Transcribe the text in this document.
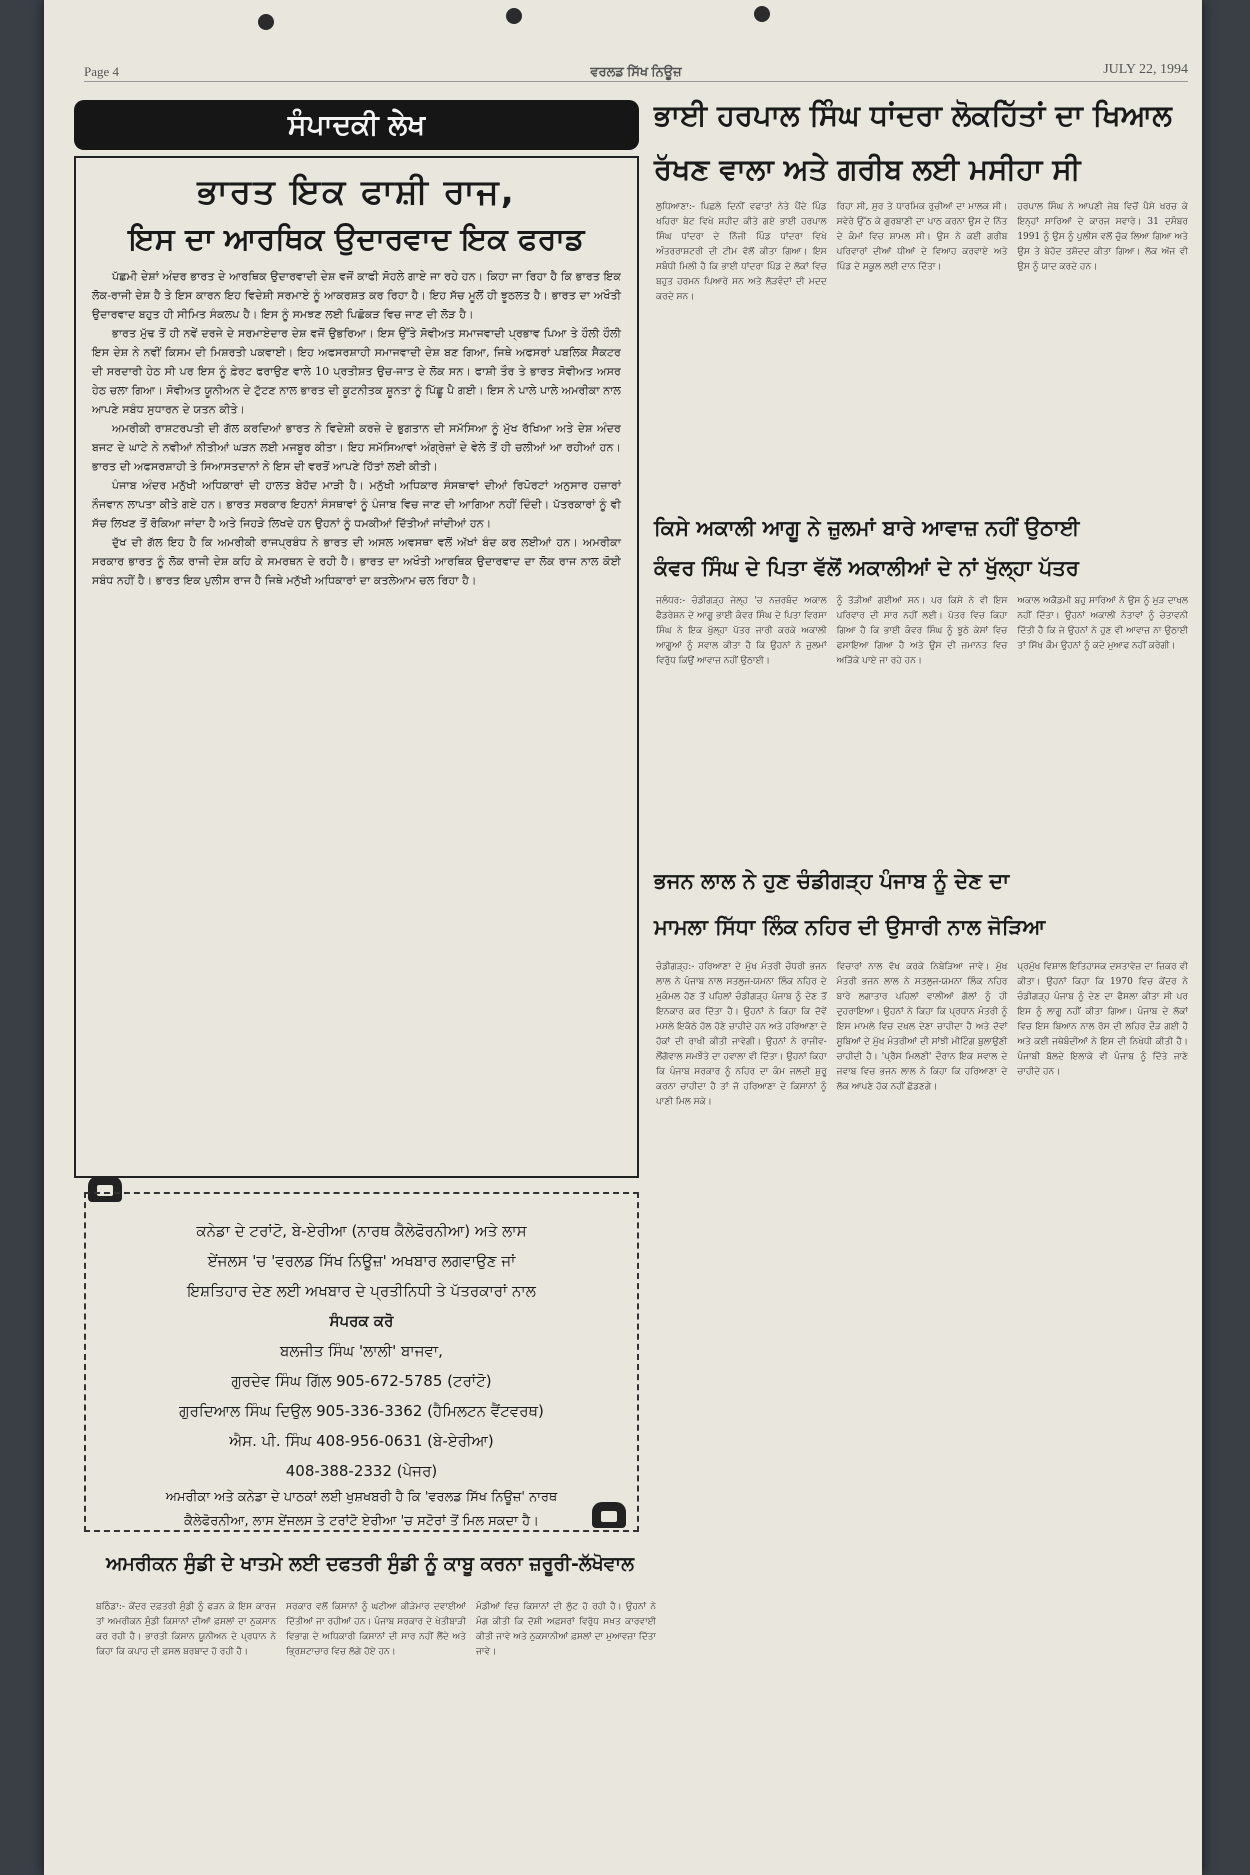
Page 4	ਵਰਲਡ ਸਿੱਖ ਨਿਊਜ਼	JULY 22, 1994
ਸੰਪਾਦਕੀ ਲੇਖ
ਭਾਰਤ ਇਕ ਫਾਸ਼ੀ ਰਾਜ,
ਇਸ ਦਾ ਆਰਥਿਕ ਉਦਾਰਵਾਦ ਇਕ ਫਰਾਡ

ਪੱਛਮੀ ਦੇਸ਼ਾਂ ਅੰਦਰ ਭਾਰਤ ਦੇ ਆਰਥਿਕ ਉਦਾਰਵਾਦੀ ਦੇਸ਼ ਵਜੋਂ ਕਾਫੀ ਸੋਹਲੇ ਗਾਏ ਜਾ ਰਹੇ ਹਨ। ਕਿਹਾ ਜਾ ਰਿਹਾ ਹੈ ਕਿ ਭਾਰਤ ਇਕ ਲੋਕ-ਰਾਜੀ ਦੇਸ਼ ਹੈ ਤੇ ਇਸ ਕਾਰਨ ਇਹ ਵਿਦੇਸ਼ੀ ਸਰਮਾਏ ਨੂੰ ਆਕਰਸ਼ਤ ਕਰ ਰਿਹਾ ਹੈ। ਇਹ ਸੱਚ ਮੂਲੋਂ ਹੀ ਝੂਠਲਤ ਹੈ। ਭਾਰਤ ਦਾ ਅਖੌਤੀ ਉਦਾਰਵਾਦ ਬਹੁਤ ਹੀ ਸੀਮਿਤ ਸੰਕਲਪ ਹੈ। ਇਸ ਨੂੰ ਸਮਝਣ ਲਈ ਪਿਛੋਕੜ ਵਿਚ ਜਾਣ ਦੀ ਲੋੜ ਹੈ।

ਭਾਰਤ ਮੁੱਢ ਤੋਂ ਹੀ ਨਵੇਂ ਦਰਜੇ ਦੇ ਸਰਮਾਏਦਾਰ ਦੇਸ਼ ਵਜੋਂ ਉਭਰਿਆ। ਇਸ ਉੱਤੇ ਸੋਵੀਅਤ ਸਮਾਜਵਾਦੀ ਪ੍ਰਭਾਵ ਪਿਆ ਤੇ ਹੌਲੀ ਹੌਲੀ ਇਸ ਦੇਸ਼ ਨੇ ਨਵੀਂ ਕਿਸਮ ਦੀ ਮਿਸ਼ਰਤੀ ਪਕਵਾਈ। ਇਹ ਅਫਸਰਸ਼ਾਹੀ ਸਮਾਜਵਾਦੀ ਦੇਸ਼ ਬਣ ਗਿਆ, ਜਿਥੇ ਅਫਸਰਾਂ ਪਬਲਿਕ ਸੈਕਟਰ ਦੀ ਸਰਦਾਰੀ ਹੇਠ ਸੀ ਪਰ ਇਸ ਨੂੰ ਫ਼ੇਰਟ ਫਰਾਉਣ ਵਾਲੇ 10 ਪ੍ਰਤੀਸ਼ਤ ਉਚ-ਜਾਤ ਦੇ ਲੋਕ ਸਨ। ਫਾਸ਼ੀ ਤੌਰ ਤੇ ਭਾਰਤ ਸੋਵੀਅਤ ਅਸਰ ਹੇਠ ਚਲਾ ਗਿਆ। ਸੋਵੀਅਤ ਯੂਨੀਅਨ ਦੇ ਟੁੱਟਣ ਨਾਲ ਭਾਰਤ ਦੀ ਕੂਟਨੀਤਕ ਸ਼ੂਨਤਾ ਨੂੰ ਪਿੱਛੂ ਪੈ ਗਈ। ਇਸ ਨੇ ਪਾਲੇ ਪਾਲੇ ਅਮਰੀਕਾ ਨਾਲ ਆਪਣੇ ਸਬੰਧ ਸੁਧਾਰਨ ਦੇ ਯਤਨ ਕੀਤੇ।

ਅਮਰੀਕੀ ਰਾਸ਼ਟਰਪਤੀ ਦੀ ਗੱਲ ਕਰਦਿਆਂ ਭਾਰਤ ਨੇ ਵਿਦੇਸ਼ੀ ਕਰਜ਼ੇ ਦੇ ਭੁਗਤਾਨ ਦੀ ਸਮੱਸਿਆ ਨੂੰ ਮੁੱਖ ਰੱਖਿਆ ਅਤੇ ਦੇਸ਼ ਅੰਦਰ ਬਜਟ ਦੇ ਘਾਟੇ ਨੇ ਨਵੀਆਂ ਨੀਤੀਆਂ ਘੜਨ ਲਈ ਮਜਬੂਰ ਕੀਤਾ। ਇਹ ਸਮੱਸਿਆਵਾਂ ਅੰਗ੍ਰੇਜ਼ਾਂ ਦੇ ਵੇਲੇ ਤੋਂ ਹੀ ਚਲੀਆਂ ਆ ਰਹੀਆਂ ਹਨ। ਭਾਰਤ ਦੀ ਅਫਸਰਸ਼ਾਹੀ ਤੇ ਸਿਆਸਤਦਾਨਾਂ ਨੇ ਇਸ ਦੀ ਵਰਤੋਂ ਆਪਣੇ ਹਿੱਤਾਂ ਲਈ ਕੀਤੀ।

ਪੰਜਾਬ ਅੰਦਰ ਮਨੁੱਖੀ ਅਧਿਕਾਰਾਂ ਦੀ ਹਾਲਤ ਬੇਹੱਦ ਮਾੜੀ ਹੈ। ਮਨੁੱਖੀ ਅਧਿਕਾਰ ਸੰਸਥਾਵਾਂ ਦੀਆਂ ਰਿਪੋਰਟਾਂ ਅਨੁਸਾਰ ਹਜ਼ਾਰਾਂ ਨੌਜਵਾਨ ਲਾਪਤਾ ਕੀਤੇ ਗਏ ਹਨ। ਭਾਰਤ ਸਰਕਾਰ ਇਹਨਾਂ ਸੰਸਥਾਵਾਂ ਨੂੰ ਪੰਜਾਬ ਵਿਚ ਜਾਣ ਦੀ ਆਗਿਆ ਨਹੀਂ ਦਿੰਦੀ। ਪੱਤਰਕਾਰਾਂ ਨੂੰ ਵੀ ਸੱਚ ਲਿਖਣ ਤੋਂ ਰੋਕਿਆ ਜਾਂਦਾ ਹੈ ਅਤੇ ਜਿਹੜੇ ਲਿਖਦੇ ਹਨ ਉਹਨਾਂ ਨੂੰ ਧਮਕੀਆਂ ਦਿੱਤੀਆਂ ਜਾਂਦੀਆਂ ਹਨ।

ਦੁੱਖ ਦੀ ਗੱਲ ਇਹ ਹੈ ਕਿ ਅਮਰੀਕੀ ਰਾਜਪ੍ਰਬੰਧ ਨੇ ਭਾਰਤ ਦੀ ਅਸਲ ਅਵਸਥਾ ਵਲੋਂ ਅੱਖਾਂ ਬੰਦ ਕਰ ਲਈਆਂ ਹਨ। ਅਮਰੀਕਾ ਸਰਕਾਰ ਭਾਰਤ ਨੂੰ ਲੋਕ ਰਾਜੀ ਦੇਸ਼ ਕਹਿ ਕੇ ਸਮਰਥਨ ਦੇ ਰਹੀ ਹੈ। ਭਾਰਤ ਦਾ ਅਖੌਤੀ ਆਰਥਿਕ ਉਦਾਰਵਾਦ ਦਾ ਲੋਕ ਰਾਜ ਨਾਲ ਕੋਈ ਸਬੰਧ ਨਹੀਂ ਹੈ। ਭਾਰਤ ਇਕ ਪੁਲੀਸ ਰਾਜ ਹੈ ਜਿਥੇ ਮਨੁੱਖੀ ਅਧਿਕਾਰਾਂ ਦਾ ਕਤਲੇਆਮ ਚਲ ਰਿਹਾ ਹੈ।

ਕਨੇਡਾ ਦੇ ਟਰਾਂਟੋ, ਬੇ-ਏਰੀਆ (ਨਾਰਥ ਕੈਲੇਫੋਰਨੀਆ) ਅਤੇ ਲਾਸ
ਏਂਜਲਸ 'ਚ 'ਵਰਲਡ ਸਿੱਖ ਨਿਊਜ਼' ਅਖਬਾਰ ਲਗਵਾਉਣ ਜਾਂ
ਇਸ਼ਤਿਹਾਰ ਦੇਣ ਲਈ ਅਖਬਾਰ ਦੇ ਪ੍ਰਤੀਨਿਧੀ ਤੇ ਪੱਤਰਕਾਰਾਂ ਨਾਲ
ਸੰਪਰਕ ਕਰੋ
ਬਲਜੀਤ ਸਿੰਘ 'ਲਾਲੀ' ਬਾਜਵਾ,
ਗੁਰਦੇਵ ਸਿੰਘ ਗਿੱਲ 905-672-5785 (ਟਰਾਂਟੋ)
ਗੁਰਦਿਆਲ ਸਿੰਘ ਦਿਉਲ 905-336-3362 (ਹੈਮਿਲਟਨ ਵੈਂਟਵਰਥ)
ਐਸ. ਪੀ. ਸਿੰਘ 408-956-0631 (ਬੇ-ਏਰੀਆ)
408-388-2332 (ਪੇਜਰ)
ਅਮਰੀਕਾ ਅਤੇ ਕਨੇਡਾ ਦੇ ਪਾਠਕਾਂ ਲਈ ਖੁਸ਼ਖਬਰੀ ਹੈ ਕਿ 'ਵਰਲਡ ਸਿੱਖ ਨਿਊਜ਼' ਨਾਰਥ
ਕੈਲੇਫੋਰਨੀਆ, ਲਾਸ ਏਂਜਲਸ ਤੇ ਟਰਾਂਟੋ ਏਰੀਆ 'ਚ ਸਟੋਰਾਂ ਤੋਂ ਮਿਲ ਸਕਦਾ ਹੈ।
ਭਾਈ ਹਰਪਾਲ ਸਿੰਘ ਧਾਂਦਰਾ ਲੋਕਹਿੱਤਾਂ ਦਾ ਖਿਆਲ
ਰੱਖਣ ਵਾਲਾ ਅਤੇ ਗਰੀਬ ਲਈ ਮਸੀਹਾ ਸੀ
ਲੁਧਿਆਣਾ:- ਪਿਛਲੇ ਦਿਨੀਂ ਵਫਾਤਾਂ ਨੇਤੇ ਪੈਂਦੇ ਪਿੰਡ ਖਹਿਰਾ ਬੇਟ ਵਿਖੇ ਸ਼ਹੀਦ ਕੀਤੇ ਗਏ ਭਾਈ ਹਰਪਾਲ ਸਿੰਘ ਧਾਂਦਰਾ ਦੇ ਨਿੱਜੀ ਪਿੰਡ ਧਾਂਦਰਾ ਵਿਖੇ ਅੰਤਰਰਾਸ਼ਟਰੀ ਦੀ ਟੀਮ ਵੱਲੋਂ ਕੀਤਾ ਗਿਆ। ਇਸ ਸਬੰਧੀ ਮਿਲੀ ਹੈ ਕਿ ਭਾਈ ਧਾਂਦਰਾ ਪਿੰਡ ਦੇ ਲੋਕਾਂ ਵਿਚ ਬਹੁਤ ਹਰਮਨ ਪਿਆਰੇ ਸਨ ਅਤੇ ਲੋੜਵੰਦਾਂ ਦੀ ਮਦਦ ਕਰਦੇ ਸਨ।
ਰਿਹਾ ਸੀ, ਸੁਰ ਤੇ ਧਾਰਮਿਕ ਰੁਚੀਆਂ ਦਾ ਮਾਲਕ ਸੀ। ਸਵੇਰੇ ਉੱਠ ਕੇ ਗੁਰਬਾਣੀ ਦਾ ਪਾਠ ਕਰਨਾ ਉਸ ਦੇ ਨਿੱਤ ਦੇ ਕੰਮਾਂ ਵਿਚ ਸ਼ਾਮਲ ਸੀ। ਉਸ ਨੇ ਕਈ ਗਰੀਬ ਪਰਿਵਾਰਾਂ ਦੀਆਂ ਧੀਆਂ ਦੇ ਵਿਆਹ ਕਰਵਾਏ ਅਤੇ ਪਿੰਡ ਦੇ ਸਕੂਲ ਲਈ ਦਾਨ ਦਿੱਤਾ।
ਹਰਪਾਲ ਸਿੰਘ ਨੇ ਆਪਣੀ ਜੇਬ ਵਿਚੋਂ ਪੈਸੇ ਖਰਚ ਕੇ ਇਨ੍ਹਾਂ ਸਾਰਿਆਂ ਦੇ ਕਾਰਜ ਸਵਾਰੇ। 31 ਦਸੰਬਰ 1991 ਨੂੰ ਉਸ ਨੂੰ ਪੁਲੀਸ ਵਲੋਂ ਚੁੱਕ ਲਿਆ ਗਿਆ ਅਤੇ ਉਸ ਤੇ ਬੇਹੱਦ ਤਸ਼ੱਦਦ ਕੀਤਾ ਗਿਆ। ਲੋਕ ਅੱਜ ਵੀ ਉਸ ਨੂੰ ਯਾਦ ਕਰਦੇ ਹਨ।
ਕਿਸੇ ਅਕਾਲੀ ਆਗੂ ਨੇ ਜ਼ੁਲਮਾਂ ਬਾਰੇ ਆਵਾਜ਼ ਨਹੀਂ ਉਠਾਈ
ਕੰਵਰ ਸਿੰਘ ਦੇ ਪਿਤਾ ਵੱਲੋਂ ਅਕਾਲੀਆਂ ਦੇ ਨਾਂ ਖੁੱਲ੍ਹਾ ਪੱਤਰ
ਜਲੰਧਰ:- ਚੰਡੀਗੜ੍ਹ ਜੇਲ੍ਹ 'ਚ ਨਜ਼ਰਬੰਦ ਅਕਾਲ ਫੈਡਰੇਸ਼ਨ ਦੇ ਆਗੂ ਭਾਈ ਕੰਵਰ ਸਿੰਘ ਦੇ ਪਿਤਾ ਵਿਰਸਾ ਸਿੰਘ ਨੇ ਇਕ ਖੁੱਲ੍ਹਾ ਪੱਤਰ ਜਾਰੀ ਕਰਕੇ ਅਕਾਲੀ ਆਗੂਆਂ ਨੂੰ ਸਵਾਲ ਕੀਤਾ ਹੈ ਕਿ ਉਹਨਾਂ ਨੇ ਜ਼ੁਲਮਾਂ ਵਿਰੁੱਧ ਕਿਉਂ ਆਵਾਜ਼ ਨਹੀਂ ਉਠਾਈ।
ਨੂੰ ਤੋੜੀਆਂ ਗਈਆਂ ਸਨ। ਪਰ ਕਿਸੇ ਨੇ ਵੀ ਇਸ ਪਰਿਵਾਰ ਦੀ ਸਾਰ ਨਹੀਂ ਲਈ। ਪੱਤਰ ਵਿਚ ਕਿਹਾ ਗਿਆ ਹੈ ਕਿ ਭਾਈ ਕੰਵਰ ਸਿੰਘ ਨੂੰ ਝੂਠੇ ਕੇਸਾਂ ਵਿਚ ਫਸਾਇਆ ਗਿਆ ਹੈ ਅਤੇ ਉਸ ਦੀ ਜ਼ਮਾਨਤ ਵਿਚ ਅੜਿੱਕੇ ਪਾਏ ਜਾ ਰਹੇ ਹਨ।
ਅਕਾਲ ਅਕੈਡਮੀ ਬਹੁ ਸਾਰਿਆਂ ਨੇ ਉਸ ਨੂੰ ਮੁੜ ਦਾਖਲ ਨਹੀਂ ਦਿੱਤਾ। ਉਹਨਾਂ ਅਕਾਲੀ ਨੇਤਾਵਾਂ ਨੂੰ ਚੇਤਾਵਨੀ ਦਿੱਤੀ ਹੈ ਕਿ ਜੇ ਉਹਨਾਂ ਨੇ ਹੁਣ ਵੀ ਆਵਾਜ਼ ਨਾ ਉਠਾਈ ਤਾਂ ਸਿੱਖ ਕੌਮ ਉਹਨਾਂ ਨੂੰ ਕਦੇ ਮੁਆਫ ਨਹੀਂ ਕਰੇਗੀ।
ਭਜਨ ਲਾਲ ਨੇ ਹੁਣ ਚੰਡੀਗੜ੍ਹ ਪੰਜਾਬ ਨੂੰ ਦੇਣ ਦਾ
ਮਾਮਲਾ ਸਿੱਧਾ ਲਿੰਕ ਨਹਿਰ ਦੀ ਉਸਾਰੀ ਨਾਲ ਜੋੜਿਆ
ਚੰਡੀਗੜ੍ਹ:- ਹਰਿਆਣਾ ਦੇ ਮੁੱਖ ਮੰਤਰੀ ਚੌਧਰੀ ਭਜਨ ਲਾਲ ਨੇ ਪੰਜਾਬ ਨਾਲ ਸਤਲੁਜ-ਯਮਨਾ ਲਿੰਕ ਨਹਿਰ ਦੇ ਮੁਕੰਮਲ ਹੋਣ ਤੋਂ ਪਹਿਲਾਂ ਚੰਡੀਗੜ੍ਹ ਪੰਜਾਬ ਨੂੰ ਦੇਣ ਤੋਂ ਇਨਕਾਰ ਕਰ ਦਿੱਤਾ ਹੈ। ਉਹਨਾਂ ਨੇ ਕਿਹਾ ਕਿ ਦੋਵੇਂ ਮਸਲੇ ਇਕੱਠੇ ਹੱਲ ਹੋਣੇ ਚਾਹੀਦੇ ਹਨ ਅਤੇ ਹਰਿਆਣਾ ਦੇ ਹੱਕਾਂ ਦੀ ਰਾਖੀ ਕੀਤੀ ਜਾਵੇਗੀ। ਉਹਨਾਂ ਨੇ ਰਾਜੀਵ-ਲੌਂਗੋਵਾਲ ਸਮਝੌਤੇ ਦਾ ਹਵਾਲਾ ਵੀ ਦਿੱਤਾ। ਉਹਨਾਂ ਕਿਹਾ ਕਿ ਪੰਜਾਬ ਸਰਕਾਰ ਨੂੰ ਨਹਿਰ ਦਾ ਕੰਮ ਜਲਦੀ ਸ਼ੁਰੂ ਕਰਨਾ ਚਾਹੀਦਾ ਹੈ ਤਾਂ ਜੋ ਹਰਿਆਣਾ ਦੇ ਕਿਸਾਨਾਂ ਨੂੰ ਪਾਣੀ ਮਿਲ ਸਕੇ।
ਵਿਚਾਰਾਂ ਨਾਲ ਵੱਖ ਕਰਕੇ ਨਿਬੇੜਿਆ ਜਾਵੇ। ਮੁੱਖ ਮੰਤਰੀ ਭਜਨ ਲਾਲ ਨੇ ਸਤਲੁਜ-ਯਮਨਾ ਲਿੰਕ ਨਹਿਰ ਬਾਰੇ ਲਗਾਤਾਰ ਪਹਿਲਾਂ ਵਾਲੀਆਂ ਗੱਲਾਂ ਨੂੰ ਹੀ ਦੁਹਰਾਇਆ। ਉਹਨਾਂ ਨੇ ਕਿਹਾ ਕਿ ਪ੍ਰਧਾਨ ਮੰਤਰੀ ਨੂੰ ਇਸ ਮਾਮਲੇ ਵਿਚ ਦਖਲ ਦੇਣਾ ਚਾਹੀਦਾ ਹੈ ਅਤੇ ਦੋਵਾਂ ਸੂਬਿਆਂ ਦੇ ਮੁੱਖ ਮੰਤਰੀਆਂ ਦੀ ਸਾਂਝੀ ਮੀਟਿੰਗ ਬੁਲਾਉਣੀ ਚਾਹੀਦੀ ਹੈ। 'ਪ੍ਰੈਸ ਮਿਲਣੀ' ਦੌਰਾਨ ਇਕ ਸਵਾਲ ਦੇ ਜਵਾਬ ਵਿਚ ਭਜਨ ਲਾਲ ਨੇ ਕਿਹਾ ਕਿ ਹਰਿਆਣਾ ਦੇ ਲੋਕ ਆਪਣੇ ਹੱਕ ਨਹੀਂ ਛੱਡਣਗੇ।
ਪ੍ਰਮੁੱਖ ਵਿਸ਼ਾਲ ਇਤਿਹਾਸਕ ਦਸਤਾਵੇਜ਼ ਦਾ ਜ਼ਿਕਰ ਵੀ ਕੀਤਾ। ਉਹਨਾਂ ਕਿਹਾ ਕਿ 1970 ਵਿਚ ਕੇਂਦਰ ਨੇ ਚੰਡੀਗੜ੍ਹ ਪੰਜਾਬ ਨੂੰ ਦੇਣ ਦਾ ਫੈਸਲਾ ਕੀਤਾ ਸੀ ਪਰ ਇਸ ਨੂੰ ਲਾਗੂ ਨਹੀਂ ਕੀਤਾ ਗਿਆ। ਪੰਜਾਬ ਦੇ ਲੋਕਾਂ ਵਿਚ ਇਸ ਬਿਆਨ ਨਾਲ ਰੋਸ ਦੀ ਲਹਿਰ ਦੌੜ ਗਈ ਹੈ ਅਤੇ ਕਈ ਜਥੇਬੰਦੀਆਂ ਨੇ ਇਸ ਦੀ ਨਿਖੇਧੀ ਕੀਤੀ ਹੈ। ਪੰਜਾਬੀ ਬੋਲਦੇ ਇਲਾਕੇ ਵੀ ਪੰਜਾਬ ਨੂੰ ਦਿੱਤੇ ਜਾਣੇ ਚਾਹੀਦੇ ਹਨ।
ਅਮਰੀਕਨ ਸੁੰਡੀ ਦੇ ਖਾਤਮੇ ਲਈ ਦਫਤਰੀ ਸੁੰਡੀ ਨੂੰ ਕਾਬੂ ਕਰਨਾ ਜ਼ਰੂਰੀ-ਲੱਖੋਵਾਲ
ਬਠਿੰਡਾ:- ਕੇਂਦਰ ਦਫ਼ਤਰੀ ਸੁੰਡੀ ਨੂੰ ਫੜਨ ਕੇ ਇਸ ਕਾਰਜ ਤਾਂ ਅਮਰੀਕਨ ਸੁੰਡੀ ਕਿਸਾਨਾਂ ਦੀਆਂ ਫ਼ਸਲਾਂ ਦਾ ਨੁਕਸਾਨ ਕਰ ਰਹੀ ਹੈ। ਭਾਰਤੀ ਕਿਸਾਨ ਯੂਨੀਅਨ ਦੇ ਪ੍ਰਧਾਨ ਨੇ ਕਿਹਾ ਕਿ ਕਪਾਹ ਦੀ ਫ਼ਸਲ ਬਰਬਾਦ ਹੋ ਰਹੀ ਹੈ।
ਸਰਕਾਰ ਵਲੋਂ ਕਿਸਾਨਾਂ ਨੂੰ ਘਟੀਆ ਕੀੜੇਮਾਰ ਦਵਾਈਆਂ ਦਿੱਤੀਆਂ ਜਾ ਰਹੀਆਂ ਹਨ। ਪੰਜਾਬ ਸਰਕਾਰ ਦੇ ਖੇਤੀਬਾੜੀ ਵਿਭਾਗ ਦੇ ਅਧਿਕਾਰੀ ਕਿਸਾਨਾਂ ਦੀ ਸਾਰ ਨਹੀਂ ਲੈਂਦੇ ਅਤੇ ਭ੍ਰਿਸ਼ਟਾਚਾਰ ਵਿਚ ਲੱਗੇ ਹੋਏ ਹਨ।
ਮੰਡੀਆਂ ਵਿਚ ਕਿਸਾਨਾਂ ਦੀ ਲੁੱਟ ਹੋ ਰਹੀ ਹੈ। ਉਹਨਾਂ ਨੇ ਮੰਗ ਕੀਤੀ ਕਿ ਦੋਸ਼ੀ ਅਫ਼ਸਰਾਂ ਵਿਰੁੱਧ ਸਖ਼ਤ ਕਾਰਵਾਈ ਕੀਤੀ ਜਾਵੇ ਅਤੇ ਨੁਕਸਾਨੀਆਂ ਫ਼ਸਲਾਂ ਦਾ ਮੁਆਵਜ਼ਾ ਦਿੱਤਾ ਜਾਵੇ।
